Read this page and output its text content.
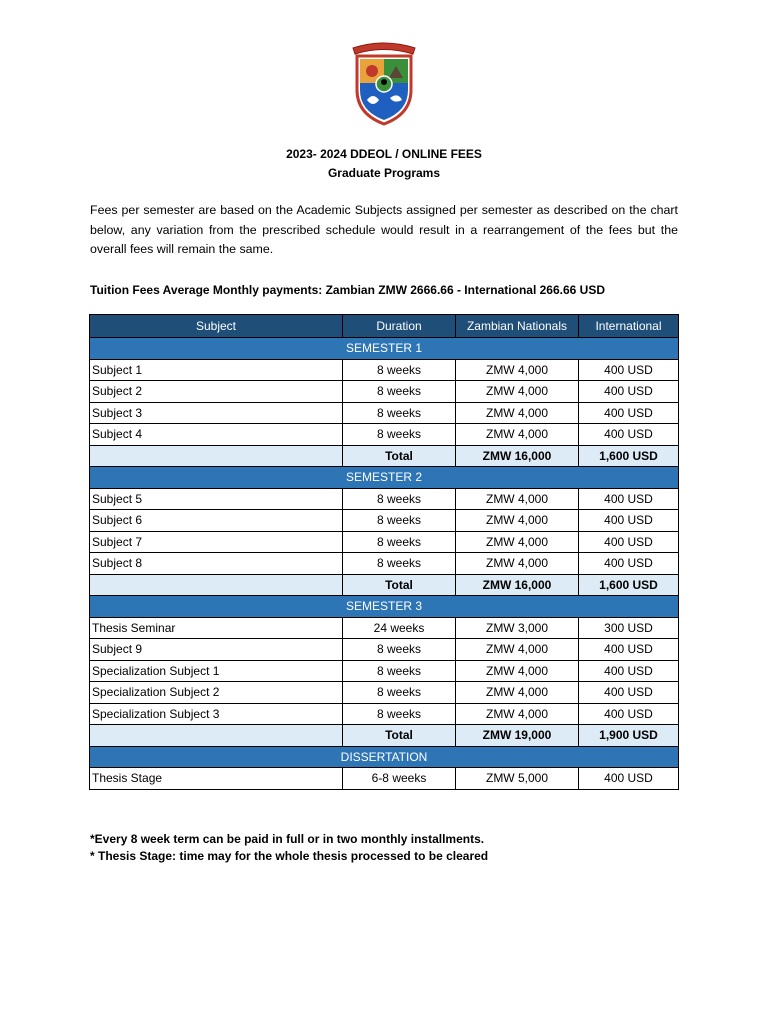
2023- 2024 DDEOL / ONLINE FEES
Graduate Programs
Fees per semester are based on the Academic Subjects assigned per semester as described on the chart below, any variation from the prescribed schedule would result in a rearrangement of the fees but the overall fees will remain the same.
Tuition Fees Average Monthly payments: Zambian ZMW 2666.66 - International 266.66 USD
Subject	Duration	Zambian Nationals	International
SEMESTER 1			
Subject 1	8 weeks	ZMW 4,000	400 USD
Subject 2	8 weeks	ZMW 4,000	400 USD
Subject 3	8 weeks	ZMW 4,000	400 USD
Subject 4	8 weeks	ZMW 4,000	400 USD
	Total	ZMW 16,000	1,600 USD
SEMESTER 2			
Subject 5	8 weeks	ZMW 4,000	400 USD
Subject 6	8 weeks	ZMW 4,000	400 USD
Subject 7	8 weeks	ZMW 4,000	400 USD
Subject 8	8 weeks	ZMW 4,000	400 USD
	Total	ZMW 16,000	1,600 USD
SEMESTER 3			
Thesis Seminar	24 weeks	ZMW 3,000	300 USD
Subject 9	8 weeks	ZMW 4,000	400 USD
Specialization Subject 1	8 weeks	ZMW 4,000	400 USD
Specialization Subject 2	8 weeks	ZMW 4,000	400 USD
Specialization Subject 3	8 weeks	ZMW 4,000	400 USD
	Total	ZMW 19,000	1,900 USD
DISSERTATION			
Thesis Stage	6-8 weeks	ZMW 5,000	400 USD
*Every 8 week term can be paid in full or in two monthly installments.
* Thesis Stage: time may for the whole thesis processed to be cleared
